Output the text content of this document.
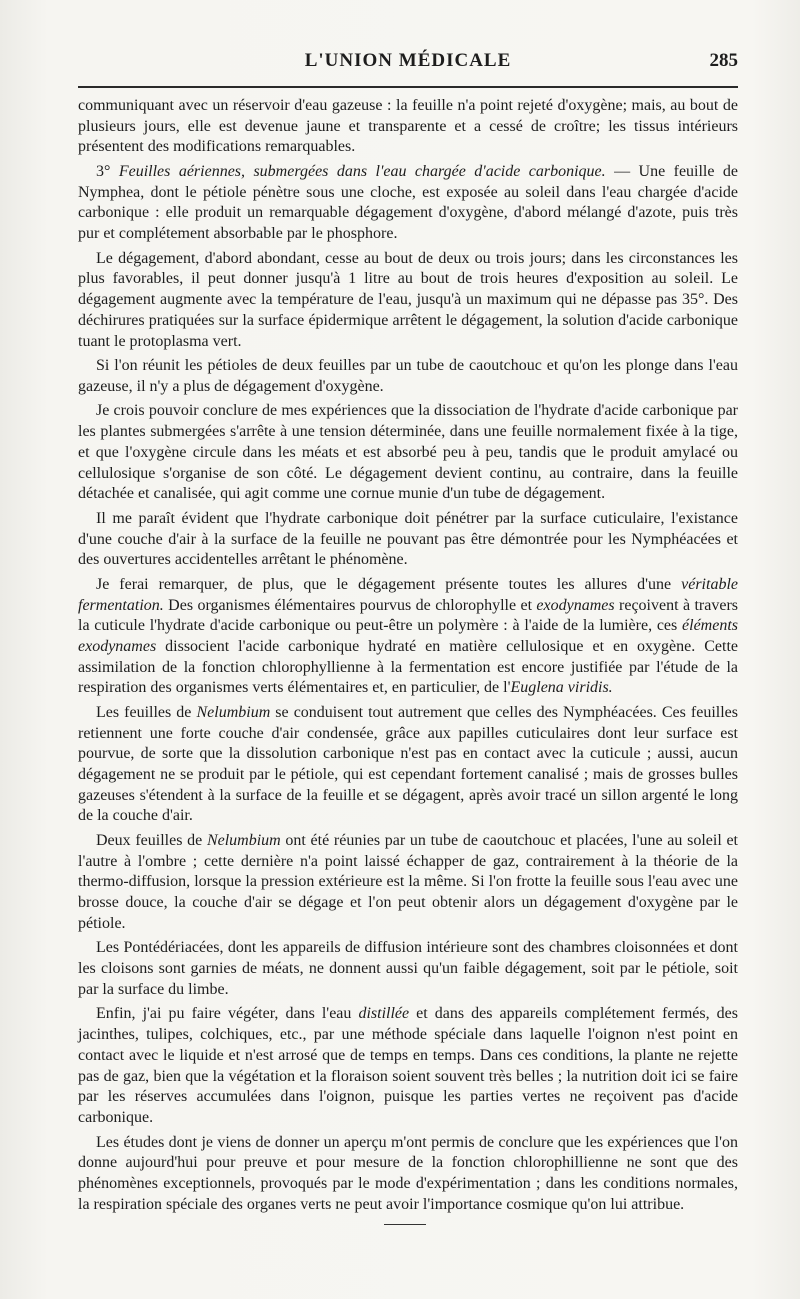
L'UNION MÉDICALE	285

communiquant avec un réservoir d'eau gazeuse : la feuille n'a point rejeté d'oxygène; mais, au bout de plusieurs jours, elle est devenue jaune et transparente et a cessé de croître; les tissus intérieurs présentent des modifications remarquables.

3° Feuilles aériennes, submergées dans l'eau chargée d'acide carbonique. — Une feuille de Nymphea, dont le pétiole pénètre sous une cloche, est exposée au soleil dans l'eau chargée d'acide carbonique : elle produit un remarquable dégagement d'oxygène, d'abord mélangé d'azote, puis très pur et complétement absorbable par le phosphore.

Le dégagement, d'abord abondant, cesse au bout de deux ou trois jours; dans les circonstances les plus favorables, il peut donner jusqu'à 1 litre au bout de trois heures d'exposition au soleil. Le dégagement augmente avec la température de l'eau, jusqu'à un maximum qui ne dépasse pas 35°. Des déchirures pratiquées sur la surface épidermique arrêtent le dégagement, la solution d'acide carbonique tuant le protoplasma vert.

Si l'on réunit les pétioles de deux feuilles par un tube de caoutchouc et qu'on les plonge dans l'eau gazeuse, il n'y a plus de dégagement d'oxygène.

Je crois pouvoir conclure de mes expériences que la dissociation de l'hydrate d'acide carbonique par les plantes submergées s'arrête à une tension déterminée, dans une feuille normalement fixée à la tige, et que l'oxygène circule dans les méats et est absorbé peu à peu, tandis que le produit amylacé ou cellulosique s'organise de son côté. Le dégagement devient continu, au contraire, dans la feuille détachée et canalisée, qui agit comme une cornue munie d'un tube de dégagement.

Il me paraît évident que l'hydrate carbonique doit pénétrer par la surface cuticulaire, l'existance d'une couche d'air à la surface de la feuille ne pouvant pas être démontrée pour les Nymphéacées et des ouvertures accidentelles arrêtant le phénomène.

Je ferai remarquer, de plus, que le dégagement présente toutes les allures d'une véritable fermentation. Des organismes élémentaires pourvus de chlorophylle et exodynames reçoivent à travers la cuticule l'hydrate d'acide carbonique ou peut-être un polymère : à l'aide de la lumière, ces éléments exodynames dissocient l'acide carbonique hydraté en matière cellulosique et en oxygène. Cette assimilation de la fonction chlorophyllienne à la fermentation est encore justifiée par l'étude de la respiration des organismes verts élémentaires et, en particulier, de l'Euglena viridis.

Les feuilles de Nelumbium se conduisent tout autrement que celles des Nymphéacées. Ces feuilles retiennent une forte couche d'air condensée, grâce aux papilles cuticulaires dont leur surface est pourvue, de sorte que la dissolution carbonique n'est pas en contact avec la cuticule ; aussi, aucun dégagement ne se produit par le pétiole, qui est cependant fortement canalisé ; mais de grosses bulles gazeuses s'étendent à la surface de la feuille et se dégagent, après avoir tracé un sillon argenté le long de la couche d'air.

Deux feuilles de Nelumbium ont été réunies par un tube de caoutchouc et placées, l'une au soleil et l'autre à l'ombre ; cette dernière n'a point laissé échapper de gaz, contrairement à la théorie de la thermo-diffusion, lorsque la pression extérieure est la même. Si l'on frotte la feuille sous l'eau avec une brosse douce, la couche d'air se dégage et l'on peut obtenir alors un dégagement d'oxygène par le pétiole.

Les Pontédériacées, dont les appareils de diffusion intérieure sont des chambres cloisonnées et dont les cloisons sont garnies de méats, ne donnent aussi qu'un faible dégagement, soit par le pétiole, soit par la surface du limbe.

Enfin, j'ai pu faire végéter, dans l'eau distillée et dans des appareils complétement fermés, des jacinthes, tulipes, colchiques, etc., par une méthode spéciale dans laquelle l'oignon n'est point en contact avec le liquide et n'est arrosé que de temps en temps. Dans ces conditions, la plante ne rejette pas de gaz, bien que la végétation et la floraison soient souvent très belles ; la nutrition doit ici se faire par les réserves accumulées dans l'oignon, puisque les parties vertes ne reçoivent pas d'acide carbonique.

Les études dont je viens de donner un aperçu m'ont permis de conclure que les expériences que l'on donne aujourd'hui pour preuve et pour mesure de la fonction chlorophillienne ne sont que des phénomènes exceptionnels, provoqués par le mode d'expérimentation ; dans les conditions normales, la respiration spéciale des organes verts ne peut avoir l'importance cosmique qu'on lui attribue.
